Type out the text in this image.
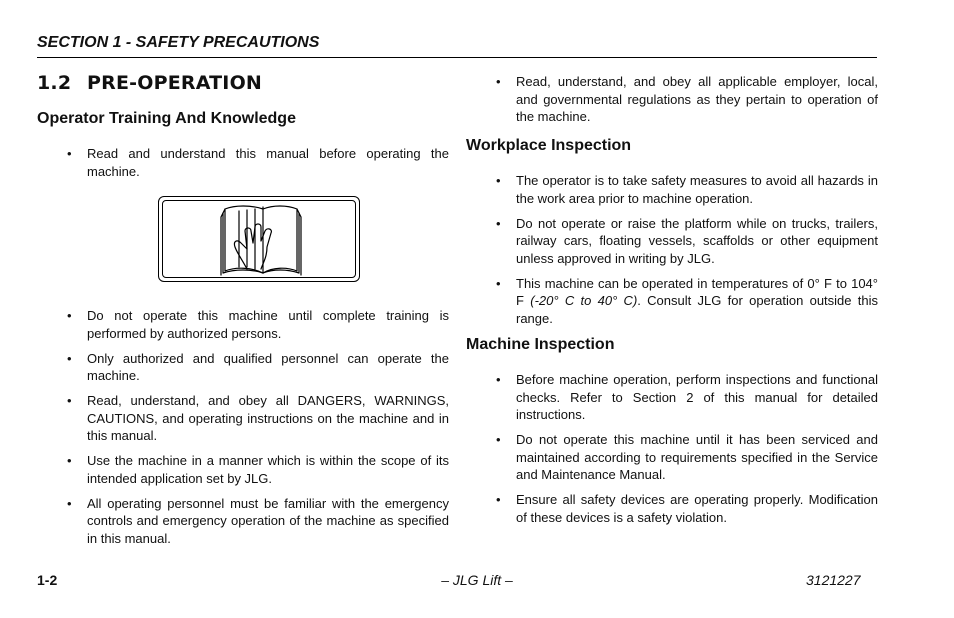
SECTION 1 - SAFETY PRECAUTIONS
1.2 PRE-OPERATION
Operator Training And Knowledge
• Read and understand this manual before operating the machine.
• Do not operate this machine until complete training is performed by authorized persons.
• Only authorized and qualified personnel can operate the machine.
• Read, understand, and obey all DANGERS, WARNINGS, CAUTIONS, and operating instructions on the machine and in this manual.
• Use the machine in a manner which is within the scope of its intended application set by JLG.
• All operating personnel must be familiar with the emergency controls and emergency operation of the machine as specified in this manual.
• Read, understand, and obey all applicable employer, local, and governmental regulations as they pertain to operation of the machine.
Workplace Inspection
• The operator is to take safety measures to avoid all hazards in the work area prior to machine operation.
• Do not operate or raise the platform while on trucks, trailers, railway cars, floating vessels, scaffolds or other equipment unless approved in writing by JLG.
• This machine can be operated in temperatures of 0° F to 104° F (-20° C to 40° C). Consult JLG for operation outside this range.
Machine Inspection
• Before machine operation, perform inspections and functional checks. Refer to Section 2 of this manual for detailed instructions.
• Do not operate this machine until it has been serviced and maintained according to requirements specified in the Service and Maintenance Manual.
• Ensure all safety devices are operating properly. Modification of these devices is a safety violation.
1-2	– JLG Lift –	3121227
